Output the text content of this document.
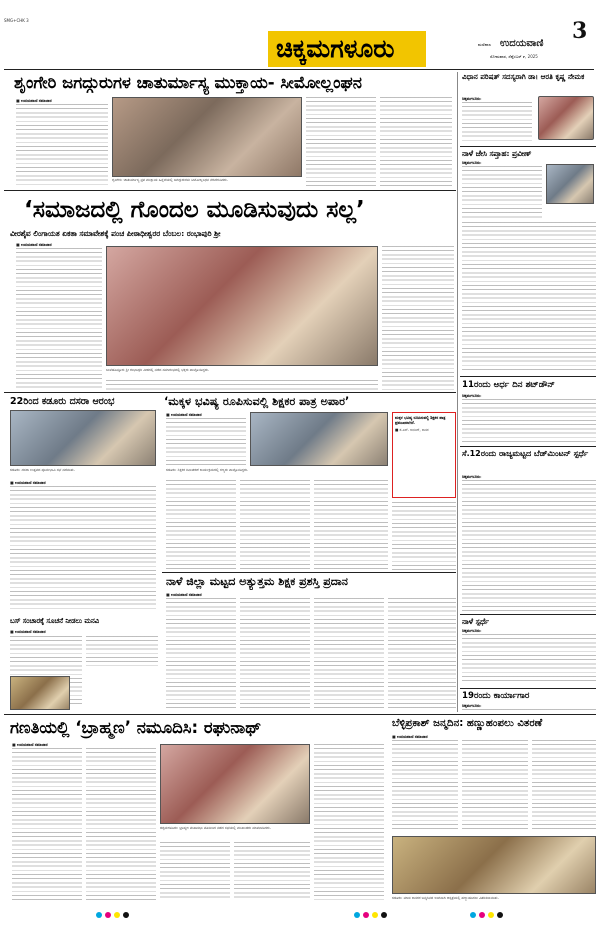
SMG+CHK 3
ಚಿಕ್ಕಮಗಳೂರು
3
ಮಣಿಪಾಲ ಉದಯವಾಣಿ
ಸೋಮವಾರ, ಸೆಪ್ಟೆಂಬರ್ ೯, 2025
ಶೃಂಗೇರಿ ಜಗದ್ಗುರುಗಳ ಚಾತುರ್ಮಾಸ್ಯ ಮುಕ್ತಾಯ- ಸೀಮೋಲ್ಲಂಘನ
■ ಉದಯವಾಣಿ ಸಮಾಚಾರ
ಶೃಂಗೇರಿ: ಚಾತುರ್ಮಾಸ್ಯ ವ್ರತ ಮುಕ್ತಾಯ ಹಿನ್ನೆಲೆಯಲ್ಲಿ ಜಗದ್ಗುರುಗಳು ಸೀಮೋಲ್ಲಂಘನ ನೆರವೇರಿಸಿದರು.
‘ಸಮಾಜದಲ್ಲಿ ಗೊಂದಲ ಮೂಡಿಸುವುದು ಸಲ್ಲ’
ವೀರಶೈವ ಲಿಂಗಾಯತ ಏಕತಾ ಸಮಾವೇಶಕ್ಕೆ ಪಂಚ ಪೀಠಾಧೀಶ್ವರರ ಬೆಂಬಲ: ರಂಭಾಪುರಿ ಶ್ರೀ
■ ಉದಯವಾಣಿ ಸಮಾಚಾರ
ಬಾಳೆಹೊನ್ನೂರು ಶ್ರೀ ರಂಭಾಪುರಿ ಪೀಠದಲ್ಲಿ ನಡೆದ ಸಮಾರಂಭದಲ್ಲಿ ಭಕ್ತರು ಪಾಲ್ಗೊಂಡಿದ್ದರು.
22ರಿಂದ ಕಡೂರು ದಸರಾ ಆರಂಭ
ಕಡೂರು: ದಸರಾ ಉತ್ಸವದ ಪೂರ್ವಭಾವಿ ಸಭೆ ನಡೆಯಿತು.
■ ಉದಯವಾಣಿ ಸಮಾಚಾರ
ಬಸ್ ಸಂಚಾರಕ್ಕೆ ಸೂಚನೆ ನೀಡಲು ಮನವಿ
■ ಉದಯವಾಣಿ ಸಮಾಚಾರ
‘ಮಕ್ಕಳ ಭವಿಷ್ಯ ರೂಪಿಸುವಲ್ಲಿ ಶಿಕ್ಷಕರ ಪಾತ್ರ ಅಪಾರ’
■ ಉದಯವಾಣಿ ಸಮಾಚಾರ
ಮಕ್ಕಳ ಭವಿಷ್ಯ ರೂಪಿಸುವಲ್ಲಿ ಶಿಕ್ಷಕರ ಪಾತ್ರ ಪ್ರಮುಖವಾಗಿದೆ.
■ ಕೆ.ಎಸ್. ಆನಂದ್, ಶಾಸಕ
ಕಡೂರು: ಶಿಕ್ಷಕರ ದಿನಾಚರಣೆ ಕಾರ್ಯಕ್ರಮದಲ್ಲಿ ಗಣ್ಯರು ಪಾಲ್ಗೊಂಡಿದ್ದರು.
ನಾಳೆ ಜಿಲ್ಲಾ ಮಟ್ಟದ ಅತ್ಯುತ್ತಮ ಶಿಕ್ಷಕ ಪ್ರಶಸ್ತಿ ಪ್ರದಾನ
■ ಉದಯವಾಣಿ ಸಮಾಚಾರ
ಗಣತಿಯಲ್ಲಿ ‘ಬ್ರಾಹ್ಮಣ’ ನಮೂದಿಸಿ: ರಘುನಾಥ್
■ ಉದಯವಾಣಿ ಸಮಾಚಾರ
ಚಿಕ್ಕಮಗಳೂರು: ಬ್ರಾಹ್ಮಣ ಮಹಾಸಭಾ ವತಿಯಿಂದ ನಡೆದ ಸಭೆಯಲ್ಲಿ ಮುಖಂಡರು ಮಾತನಾಡಿದರು.
ವಿಧಾನ ಪರಿಷತ್ ಸದಸ್ಯರಾಗಿ ಡಾ। ಆರತಿ ಕೃಷ್ಣ ನೇಮಕ
ಚಿಕ್ಕಮಗಳೂರು:
ನಾಳೆ ಜೇಸಿ ಸಪ್ತಾಹ: ಪ್ರವೀಣ್
ಚಿಕ್ಕಮಗಳೂರು:
11ರಂದು ಅರ್ಧ ದಿನ ಶಟ್‌ಡೌನ್
ಚಿಕ್ಕಮಗಳೂರು:
ಸೆ.12ರಂದು ರಾಜ್ಯಮಟ್ಟದ ಬೆಡ್‌ಮಿಂಟನ್ ಸ್ಪರ್ಧೆ
ಚಿಕ್ಕಮಗಳೂರು:
ನಾಳೆ ಸ್ಪರ್ಧೆ
ಚಿಕ್ಕಮಗಳೂರು:
19ರಂದು ಕಾರ್ಯಾಗಾರ
ಚಿಕ್ಕಮಗಳೂರು:
ಬೆಳ್ಳಿಪ್ರಕಾಶ್ ಜನ್ಮದಿನ: ಹಣ್ಣುಹಂಪಲು ವಿತರಣೆ
■ ಉದಯವಾಣಿ ಸಮಾಚಾರ
ಕಡೂರು: ಮಾಜಿ ಶಾಸಕರ ಜನ್ಮದಿನದ ಅಂಗವಾಗಿ ಆಸ್ಪತ್ರೆಯಲ್ಲಿ ಹಣ್ಣುಹಂಪಲು ವಿತರಿಸಲಾಯಿತು.
